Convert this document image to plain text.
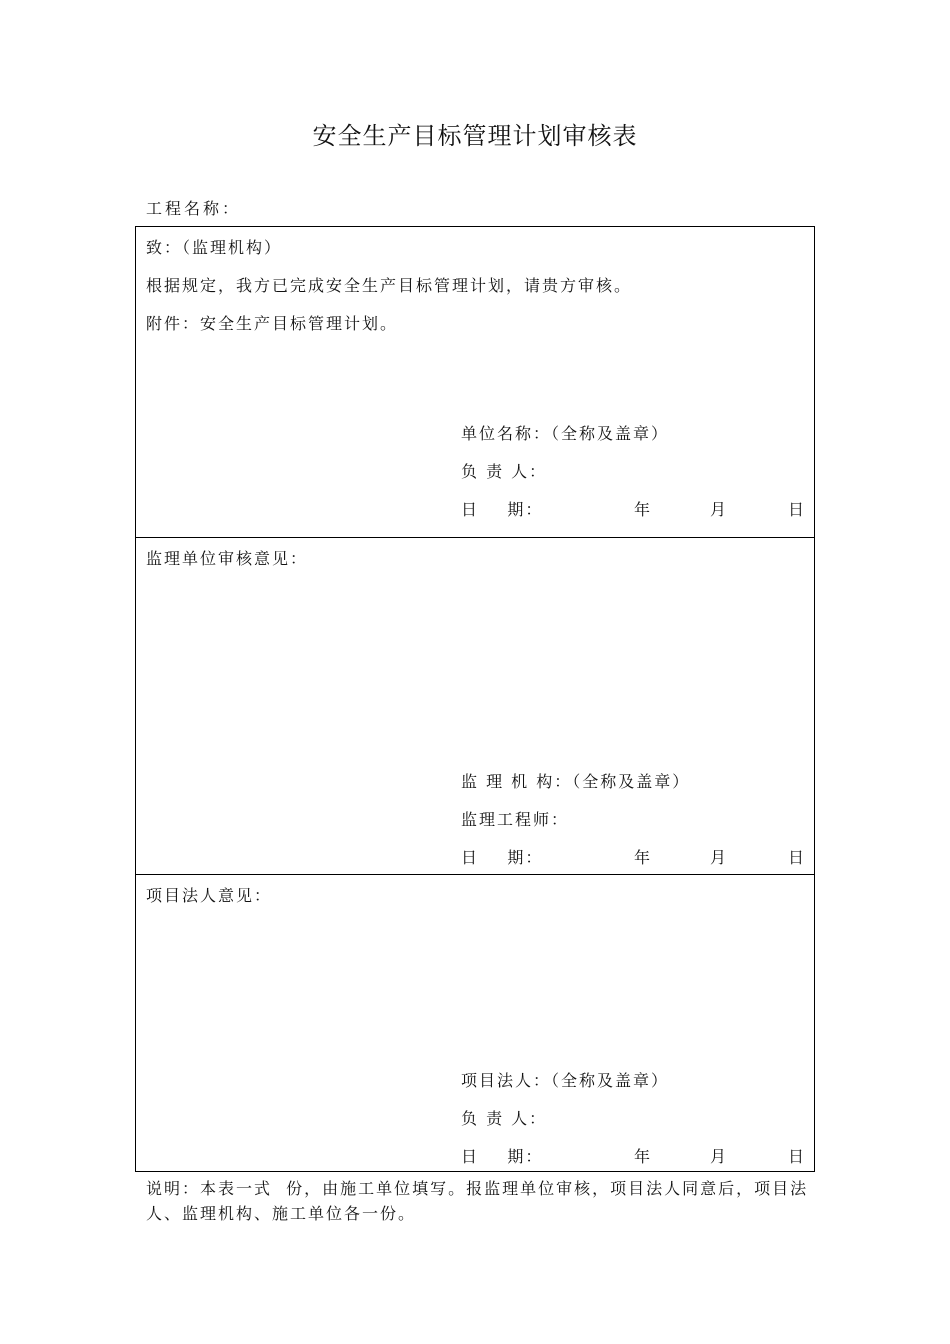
安全生产目标管理计划审核表
工程名称：
致：（监理机构）
根据规定，我方已完成安全生产目标管理计划，请贵方审核。
附件：安全生产目标管理计划。
单位名称：（全称及盖章）
负 责 人：
日    期：	年	月	日
监理单位审核意见：
监 理 机 构：（全称及盖章）
监理工程师：
日    期：	年	月	日
项目法人意见：
项目法人：（全称及盖章）
负 责 人：
日    期：	年	月	日
说明：本表一式  份，由施工单位填写。报监理单位审核，项目法人同意后，项目法人、监理机构、施工单位各一份。
